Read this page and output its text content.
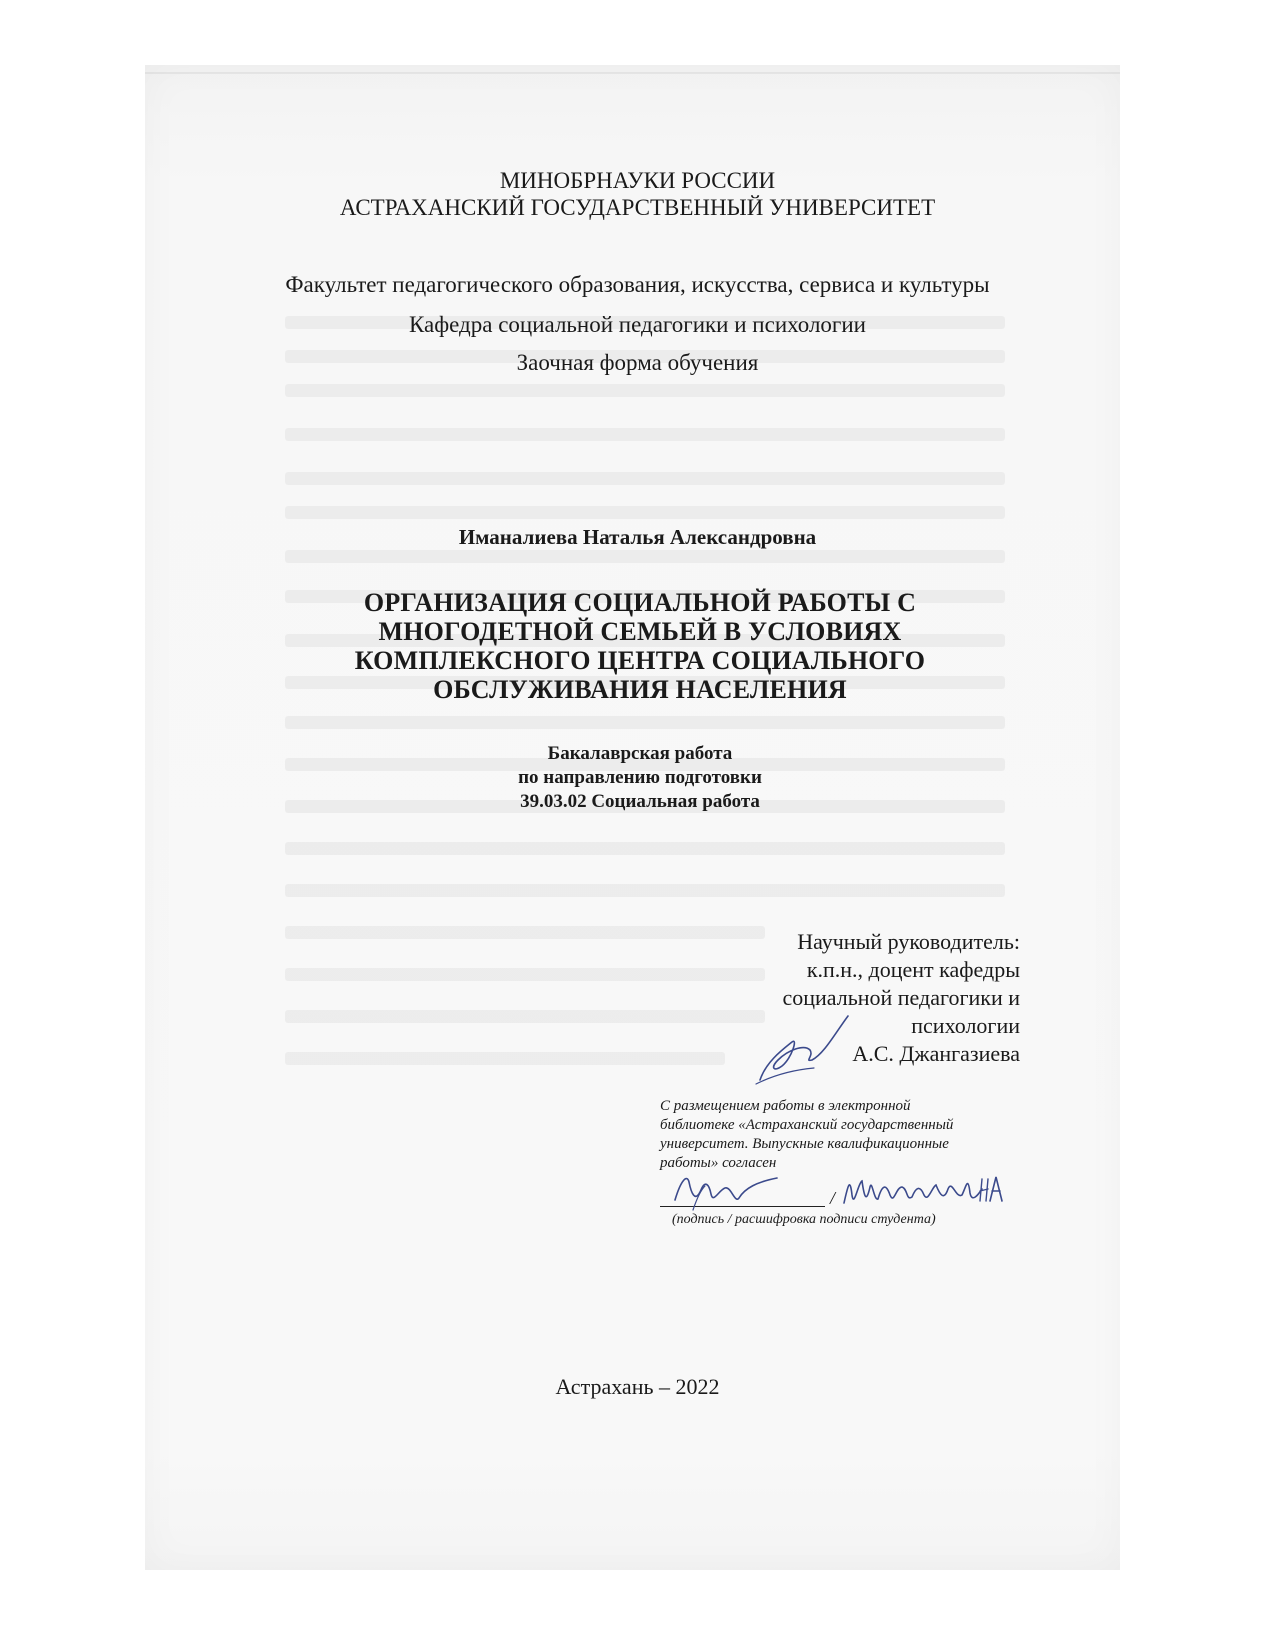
МИНОБРНАУКИ РОССИИ
АСТРАХАНСКИЙ ГОСУДАРСТВЕННЫЙ УНИВЕРСИТЕТ
Факультет педагогического образования, искусства, сервиса и культуры
Кафедра социальной педагогики и психологии
Заочная форма обучения
Иманалиева Наталья Александровна
ОРГАНИЗАЦИЯ СОЦИАЛЬНОЙ РАБОТЫ С
МНОГОДЕТНОЙ СЕМЬЕЙ В УСЛОВИЯХ
КОМПЛЕКСНОГО ЦЕНТРА СОЦИАЛЬНОГО
ОБСЛУЖИВАНИЯ НАСЕЛЕНИЯ
Бакалаврская работа
по направлению подготовки
39.03.02 Социальная работа
Научный руководитель:
к.п.н., доцент кафедры
социальной педагогики и
психологии
А.С. Джангазиева
С размещением работы в электронной
библиотеке «Астраханский государственный
университет. Выпускные квалификационные
работы» согласен
/
(подпись / расшифровка подписи студента)
Астрахань – 2022
